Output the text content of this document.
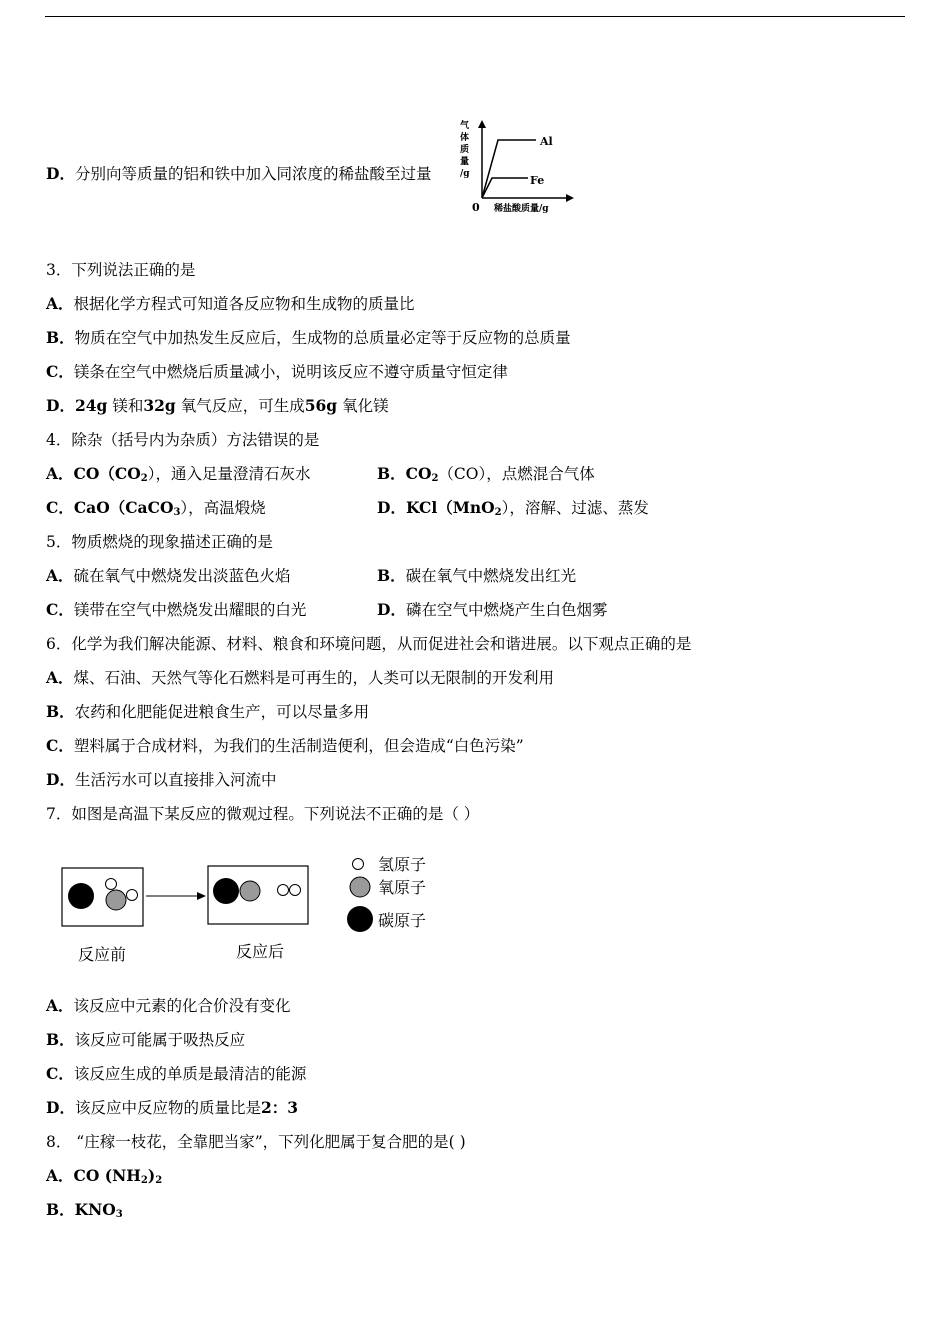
D．分别向等质量的铝和铁中加入同浓度的稀盐酸至过量
气
体
质
量
/g
0 稀盐酸质量/g
Al
Fe
3．下列说法正确的是
A．根据化学方程式可知道各反应物和生成物的质量比
B．物质在空气中加热发生反应后，生成物的总质量必定等于反应物的总质量
C．镁条在空气中燃烧后质量减小，说明该反应不遵守质量守恒定律
D．24g 镁和32g 氧气反应，可生成56g 氧化镁
4．除杂（括号内为杂质）方法错误的是
A．$CO(CO_2)$，通入足量澄清石灰水	B．$CO_2(CO)$，点燃混合气体
C．CaO（CaCO$_3$），高温煅烧	D．KCl（MnO$_2$），溶解、过滤、蒸发
5．物质燃烧的现象描述正确的是
A．硫在氧气中燃烧发出淡蓝色火焰	B．碳在氧气中燃烧发出红光
C．镁带在空气中燃烧发出耀眼的白光	D．磷在空气中燃烧产生白色烟雾
6．化学为我们解决能源、材料、粮食和环境问题，从而促进社会和谐进展。以下观点正确的是
A．煤、石油、天然气等化石燃料是可再生的，人类可以无限制的开发利用
B．农药和化肥能促进粮食生产，可以尽量多用
C．塑料属于合成材料，为我们的生活制造便利，但会造成“白色污染”
D．生活污水可以直接排入河流中
7．如图是高温下某反应的微观过程。下列说法不正确的是（ ）
反应前	反应后
氢原子
氧原子
碳原子
A．该反应中元素的化合价没有变化
B．该反应可能属于吸热反应
C．该反应生成的单质是最清洁的能源
D．该反应中反应物的质量比是2：3
8． “庄稼一枝花，全靠肥当家”，下列化肥属于复合肥的是( )
A．CO $(NH_2)_2$
B．$KNO_3$
